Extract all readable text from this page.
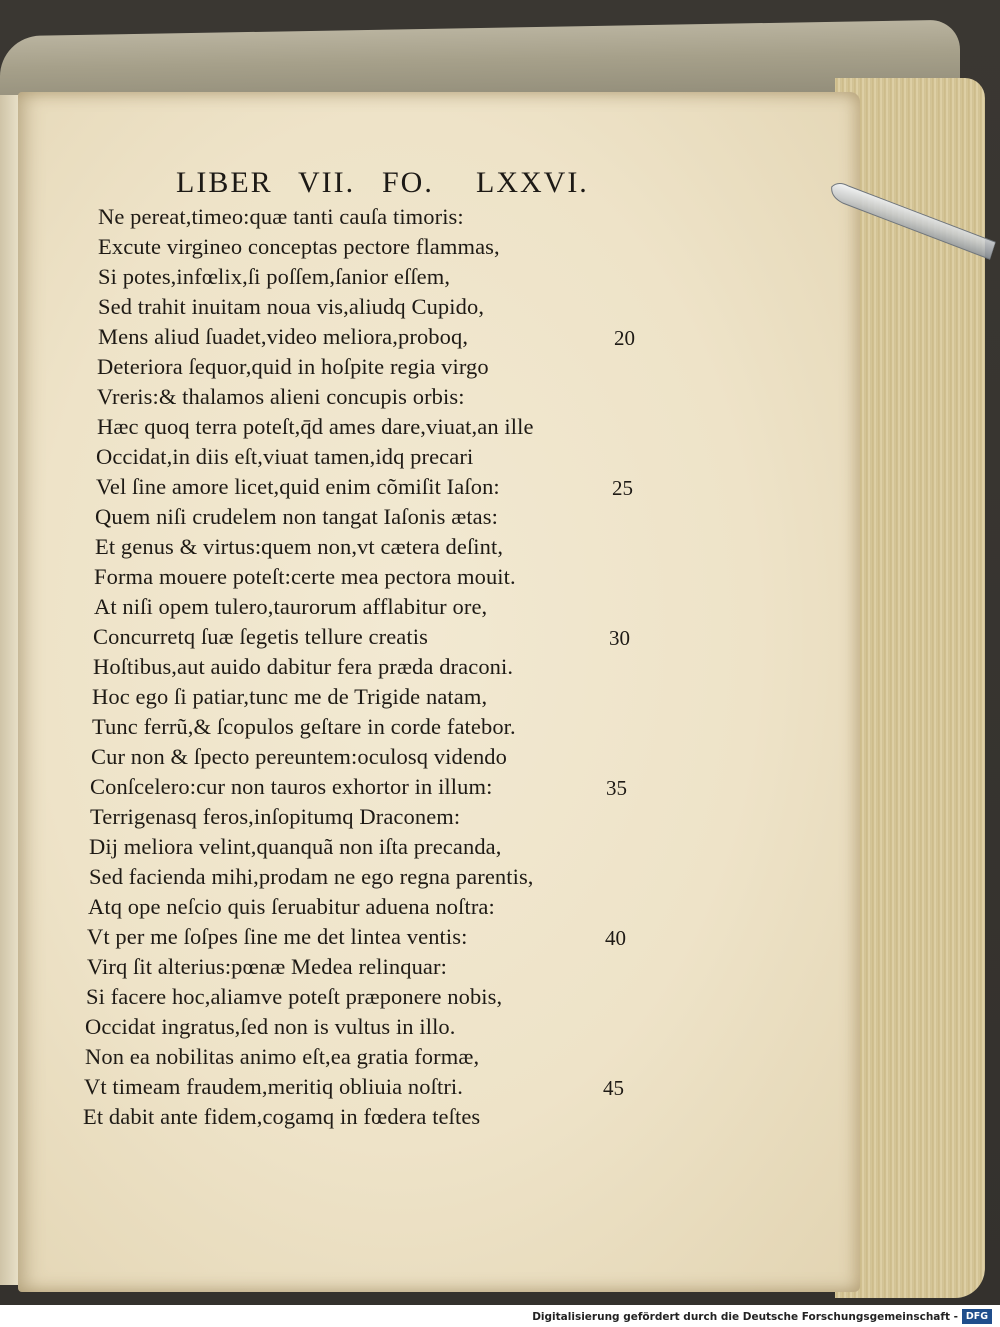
LIBER VII. FO. LXXVI.
Ne pereat,timeo:quæ tanti cauſa timoris:
Excute virgineo conceptas pectore flammas,
Si potes,infœlix,ſi poſſem,ſanior eſſem,
Sed trahit inuitam noua vis,aliudq Cupido,
Mens aliud ſuadet,video meliora,proboq,
Deteriora ſequor,quid in hoſpite regia virgo
Vreris:& thalamos alieni concupis orbis:
Hæc quoq terra poteſt,q̄d ames dare,viuat,an ille
Occidat,in diis eſt,viuat tamen,idq precari
Vel ſine amore licet,quid enim cõmiſit Iaſon:
Quem niſi crudelem non tangat Iaſonis ætas:
Et genus & virtus:quem non,vt cætera deſint,
Forma mouere poteſt:certe mea pectora mouit.
At niſi opem tulero,taurorum afflabitur ore,
Concurretq ſuæ ſegetis tellure creatis
Hoſtibus,aut auido dabitur fera præda draconi.
Hoc ego ſi patiar,tunc me de Trigide natam,
Tunc ferrũ,& ſcopulos geſtare in corde fatebor.
Cur non & ſpecto pereuntem:oculosq videndo
Conſcelero:cur non tauros exhortor in illum:
Terrigenasq feros,inſopitumq Draconem:
Dij meliora velint,quanquã non iſta precanda,
Sed facienda mihi,prodam ne ego regna parentis,
Atq ope neſcio quis ſeruabitur aduena noſtra:
Vt per me ſoſpes ſine me det lintea ventis:
Virq ſit alterius:pœnæ Medea relinquar:
Si facere hoc,aliamve poteſt præponere nobis,
Occidat ingratus,ſed non is vultus in illo.
Non ea nobilitas animo eſt,ea gratia formæ,
Vt timeam fraudem,meritiq obliuia noſtri.
Et dabit ante fidem,cogamq in fœdera teſtes
20
25
30
35
40
45
Digitalisierung gefördert durch die Deutsche Forschungsgemeinschaft - DFG
